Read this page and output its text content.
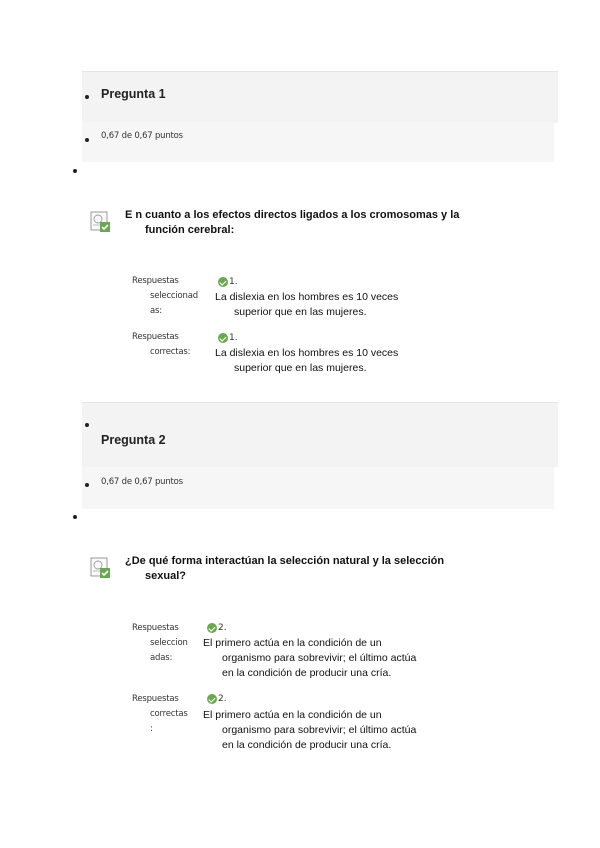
Pregunta 1
0,67 de 0,67 puntos
E n cuanto a los efectos directos ligados a los cromosomas y la
función cerebral:
Respuestas
seleccionad
as:
1.
La dislexia en los hombres es 10 veces
superior que en las mujeres.
Respuestas
correctas:
1.
La dislexia en los hombres es 10 veces
superior que en las mujeres.
Pregunta 2
0,67 de 0,67 puntos
¿De qué forma interactúan la selección natural y la selección
sexual?
Respuestas
seleccion
adas:
2.
El primero actúa en la condición de un
organismo para sobrevivir; el último actúa
en la condición de producir una cría.
Respuestas
correctas
:
2.
El primero actúa en la condición de un
organismo para sobrevivir; el último actúa
en la condición de producir una cría.
